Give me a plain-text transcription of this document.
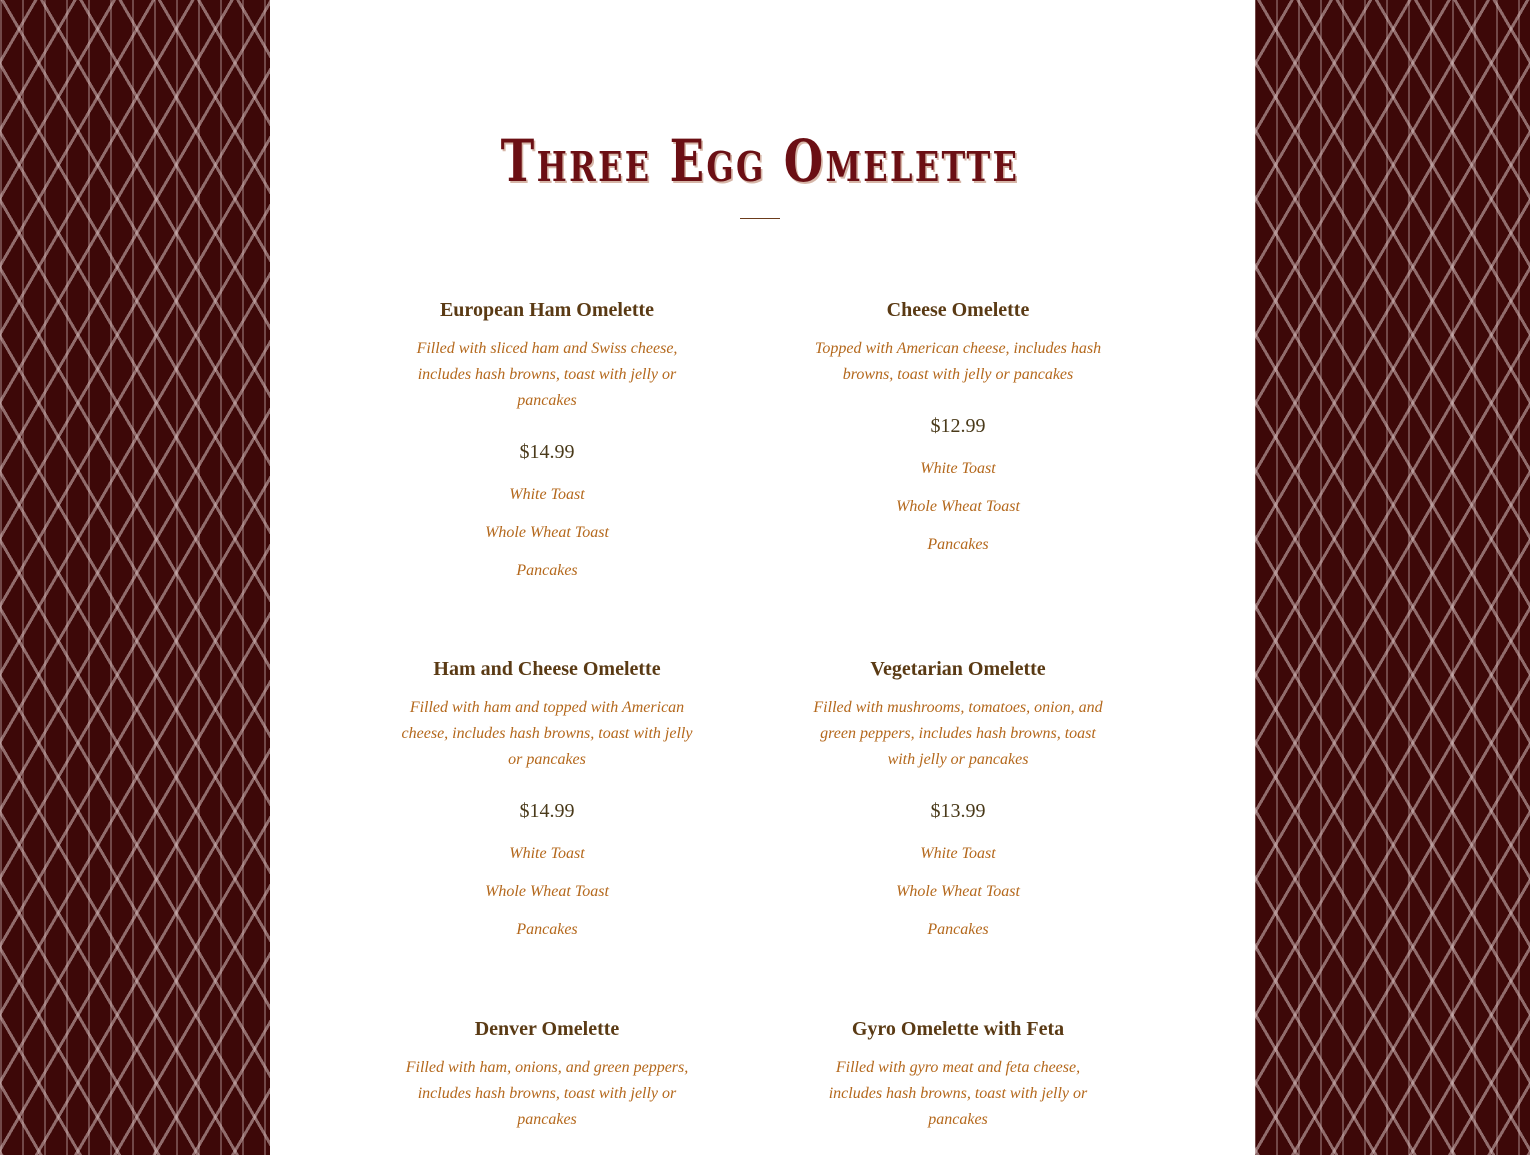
Three Egg Omelette
European Ham Omelette

Filled with sliced ham and Swiss cheese, includes hash browns, toast with jelly or pancakes

$14.99

White Toast
Whole Wheat Toast
Pancakes
Cheese Omelette

Topped with American cheese, includes hash browns, toast with jelly or pancakes

$12.99

White Toast
Whole Wheat Toast
Pancakes
Ham and Cheese Omelette

Filled with ham and topped with American cheese, includes hash browns, toast with jelly or pancakes

$14.99

White Toast
Whole Wheat Toast
Pancakes
Vegetarian Omelette

Filled with mushrooms, tomatoes, onion, and green peppers, includes hash browns, toast with jelly or pancakes

$13.99

White Toast
Whole Wheat Toast
Pancakes
Denver Omelette

Filled with ham, onions, and green peppers, includes hash browns, toast with jelly or pancakes

Gyro Omelette with Feta

Filled with gyro meat and feta cheese, includes hash browns, toast with jelly or pancakes
